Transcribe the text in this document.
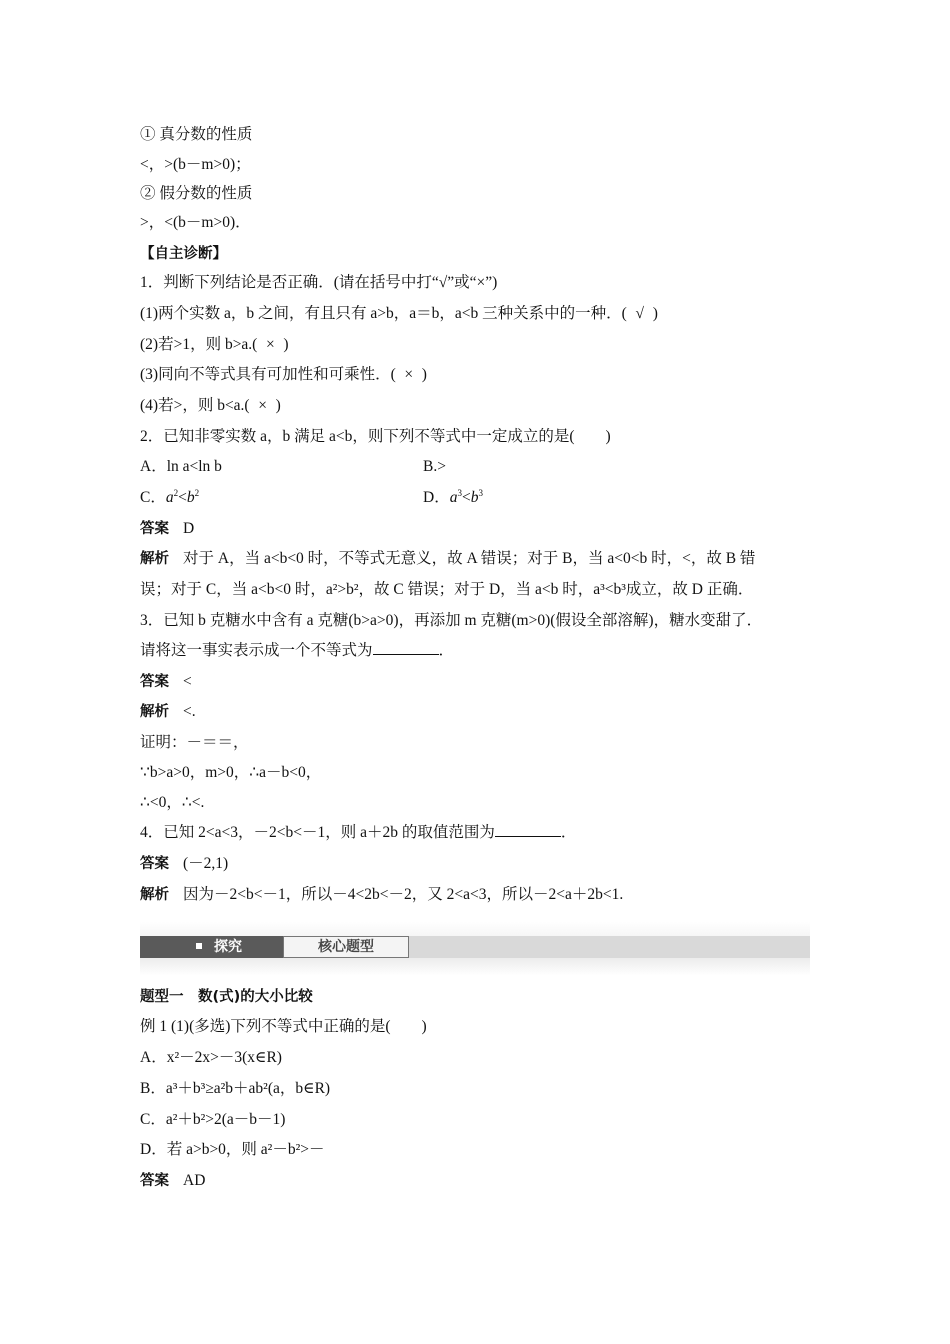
① 真分数的性质
<，>(b－m>0)；
② 假分数的性质
>，<(b－m>0)．
【自主诊断】
1．判断下列结论是否正确．(请在括号中打“√”或“×”)
(1)两个实数 a，b 之间，有且只有 a>b，a＝b，a<b 三种关系中的一种．( √ )
(2)若>1，则 b>a.( × )
(3)同向不等式具有可加性和可乘性．( × )
(4)若>，则 b<a.( × )
2．已知非零实数 a，b 满足 a<b，则下列不等式中一定成立的是(　　)
A．ln a<ln b	B.>
C．$a^2<b^2$	D．$a^3<b^3$
答案 D
解析 对于 A，当 a<b<0 时，不等式无意义，故 A 错误；对于 B，当 a<0<b 时，<，故 B 错
误；对于 C，当 a<b<0 时，a²>b²，故 C 错误；对于 D，当 a<b 时，a³<b³成立，故 D 正确．
3．已知 b 克糖水中含有 a 克糖(b>a>0)，再添加 m 克糖(m>0)(假设全部溶解)，糖水变甜了．
请将这一事实表示成一个不等式为	．
答案 <
解析 <.
证明：－＝＝，
∵b>a>0，m>0，∴a－b<0，
∴<0，∴<.
4．已知 2<a<3，－2<b<－1，则 a＋2b 的取值范围为	．
答案 (－2,1)
解析 因为－2<b<－1，所以－4<2b<－2，又 2<a<3，所以－2<a＋2b<1.
探究	核心题型
题型一　数(式)的大小比较
例 1 (1)(多选)下列不等式中正确的是(　　)
A．x²－2x>－3(x∈R)
B．a³＋b³≥a²b＋ab²(a，b∈R)
C．a²＋b²>2(a－b－1)
D．若 a>b>0，则 a²－b²>－
答案 AD
